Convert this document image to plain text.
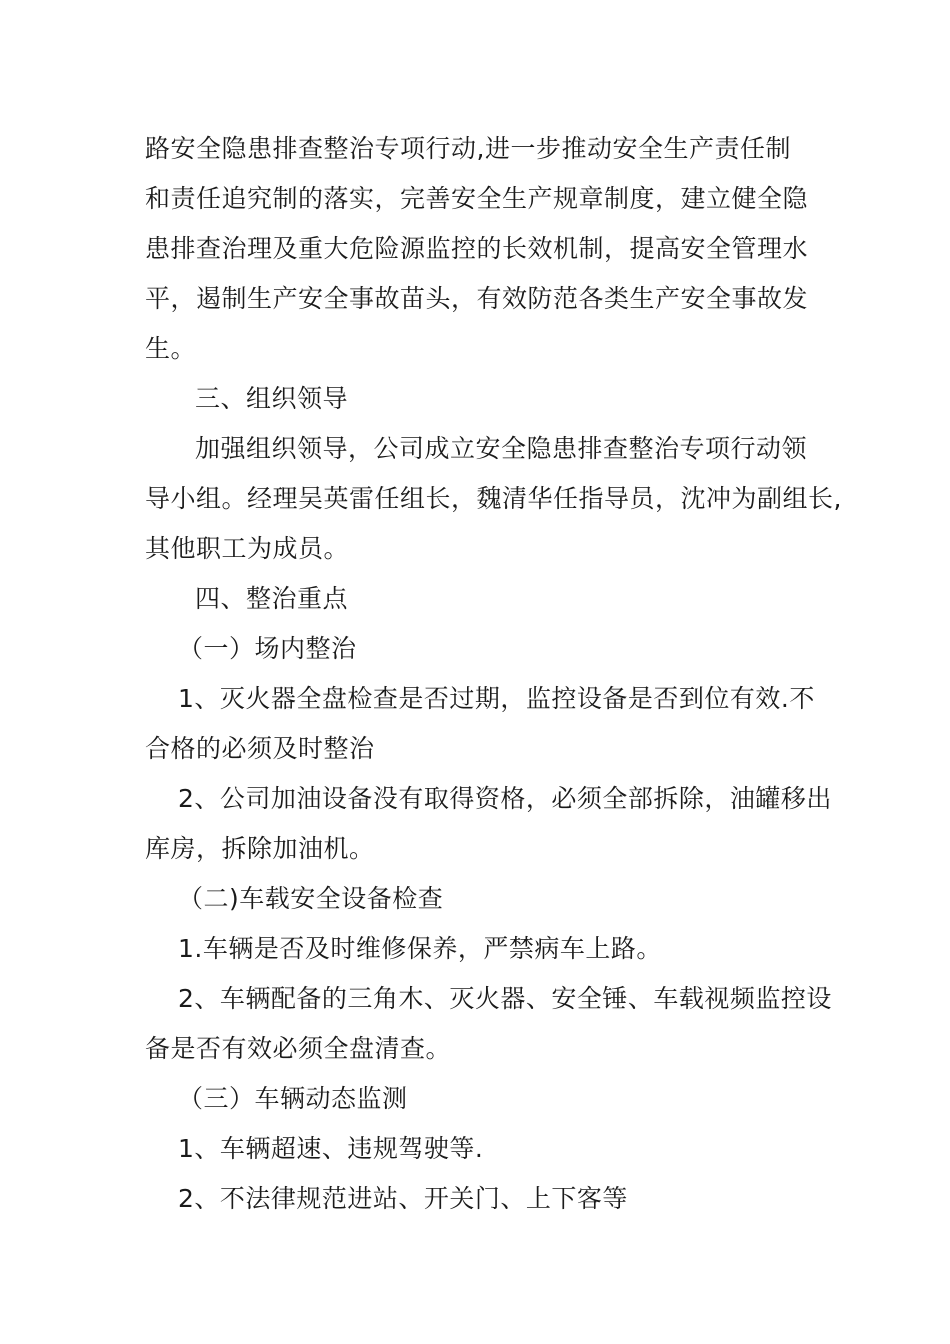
路安全隐患排查整治专项行动,进一步推动安全生产责任制
和责任追究制的落实，完善安全生产规章制度，建立健全隐
患排查治理及重大危险源监控的长效机制，提高安全管理水
平，遏制生产安全事故苗头，有效防范各类生产安全事故发
生。
三、组织领导
加强组织领导，公司成立安全隐患排查整治专项行动领
导小组。经理吴英雷任组长，魏清华任指导员，沈冲为副组长,
其他职工为成员。
四、整治重点
（一）场内整治
1、灭火器全盘检查是否过期，监控设备是否到位有效.不
合格的必须及时整治
2、公司加油设备没有取得资格，必须全部拆除，油罐移出
库房，拆除加油机。
（二)车载安全设备检查
1.车辆是否及时维修保养，严禁病车上路。
2、车辆配备的三角木、灭火器、安全锤、车载视频监控设
备是否有效必须全盘清查。
（三）车辆动态监测
1、车辆超速、违规驾驶等.
2、不法律规范进站、开关门、上下客等
